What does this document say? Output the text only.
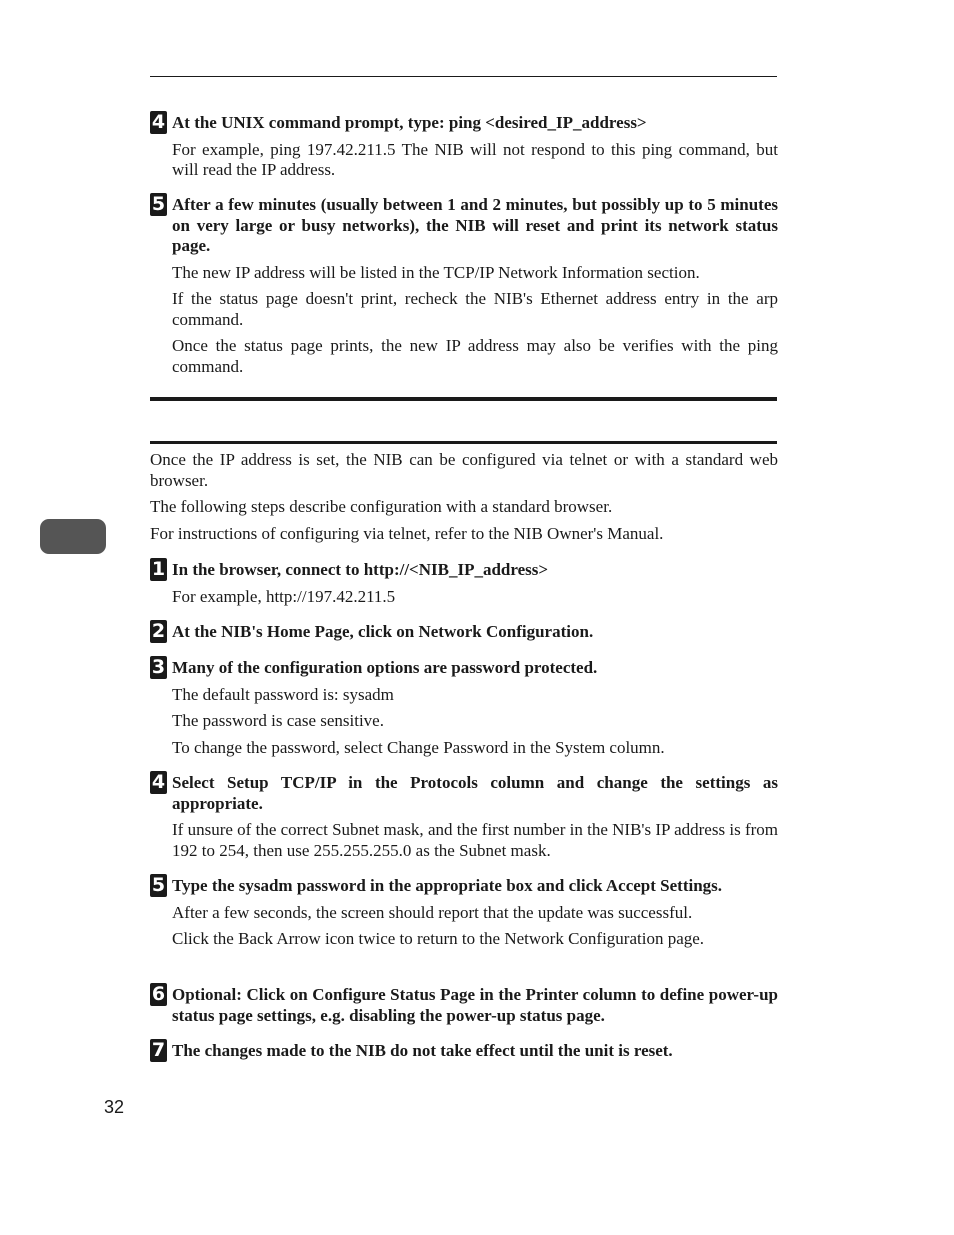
4 At the UNIX command prompt, type: ping <desired_IP_address>
For example, ping 197.42.211.5 The NIB will not respond to this ping command, but will read the IP address.
5 After a few minutes (usually between 1 and 2 minutes, but possibly up to 5 minutes on very large or busy networks), the NIB will reset and print its network status page.
The new IP address will be listed in the TCP/IP Network Information section.
If the status page doesn't print, recheck the NIB's Ethernet address entry in the arp command.
Once the status page prints, the new IP address may also be verifies with the ping command.
Once the IP address is set, the NIB can be configured via telnet or with a standard web browser.
The following steps describe configuration with a standard browser.
For instructions of configuring via telnet, refer to the NIB Owner's Manual.
1 In the browser, connect to http://<NIB_IP_address>
For example, http://197.42.211.5
2 At the NIB's Home Page, click on Network Configuration.
3 Many of the configuration options are password protected.
The default password is: sysadm
The password is case sensitive.
To change the password, select Change Password in the System column.
4 Select Setup TCP/IP in the Protocols column and change the settings as appropriate.
If unsure of the correct Subnet mask, and the first number in the NIB's IP address is from 192 to 254, then use 255.255.255.0 as the Subnet mask.
5 Type the sysadm password in the appropriate box and click Accept Settings.
After a few seconds, the screen should report that the update was successful.
Click the Back Arrow icon twice to return to the Network Configuration page.
6 Optional: Click on Configure Status Page in the Printer column to define power-up status page settings, e.g. disabling the power-up status page.
7 The changes made to the NIB do not take effect until the unit is reset.
32
